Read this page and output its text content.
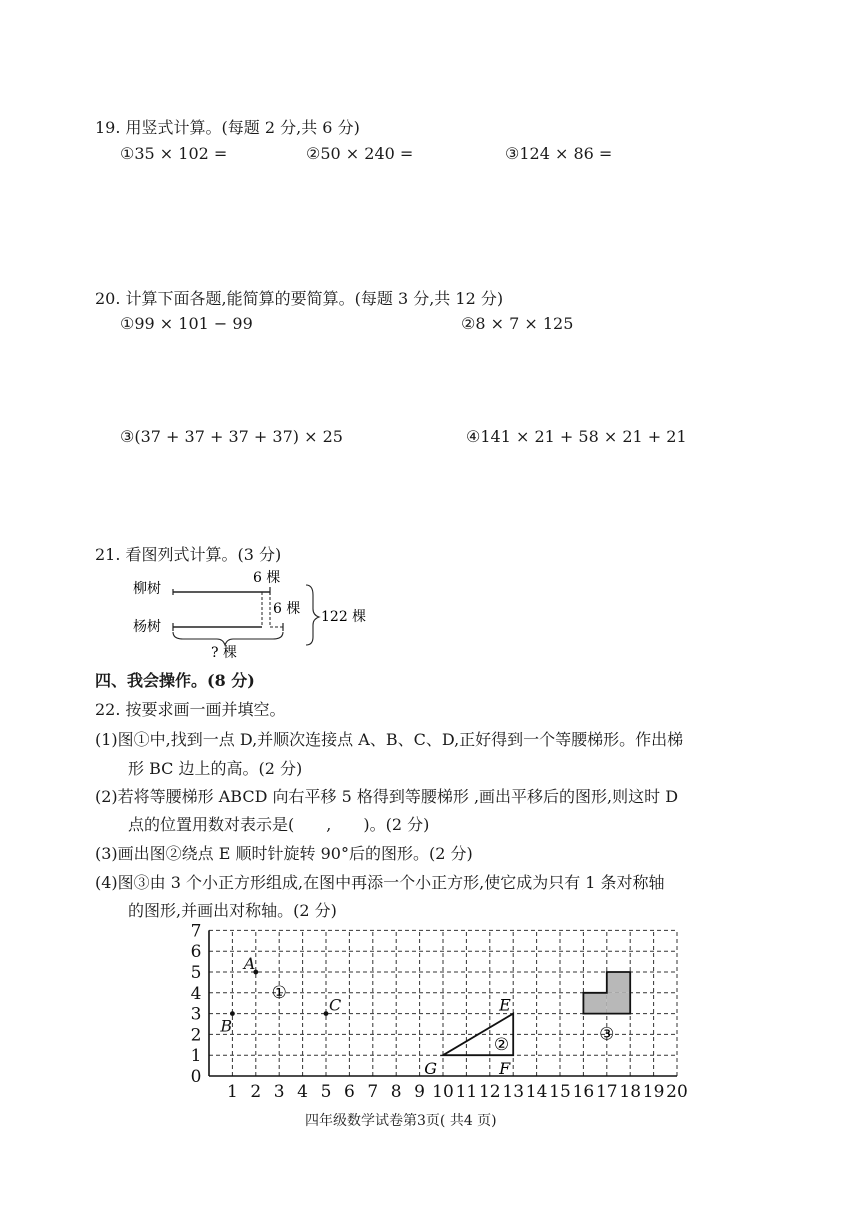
19. 用竖式计算。(每题 2 分,共 6 分)
①35 × 102 =	②50 × 240 =	③124 × 86 =
20. 计算下面各题,能简算的要简算。(每题 3 分,共 12 分)
①99 × 101 − 99	②8 × 7 × 125
③(37 + 37 + 37 + 37) × 25	④141 × 21 + 58 × 21 + 21
21. 看图列式计算。(3 分)
柳树
杨树
6 棵
6 棵
? 棵
122 棵
四、我会操作。(8 分)
22. 按要求画一画并填空。
(1)图①中,找到一点 D,并顺次连接点 A、B、C、D,正好得到一个等腰梯形。作出梯
形 BC 边上的高。(2 分)
(2)若将等腰梯形 ABCD 向右平移 5 格得到等腰梯形 ,画出平移后的图形,则这时 D
点的位置用数对表示是(　　,　　)。(2 分)
(3)画出图②绕点 E 顺时针旋转 90°后的图形。(2 分)
(4)图③由 3 个小正方形组成,在图中再添一个小正方形,使它成为只有 1 条对称轴
的图形,并画出对称轴。(2 分)
1 2 3 4 5 6 7 8 9 10 11 12 13 14 15 16 17 18 19 20
0
1
2
3
4
5
6
7
A
B
C	E
F
G
①
②
③
四年级数学试卷第3页( 共4 页)
